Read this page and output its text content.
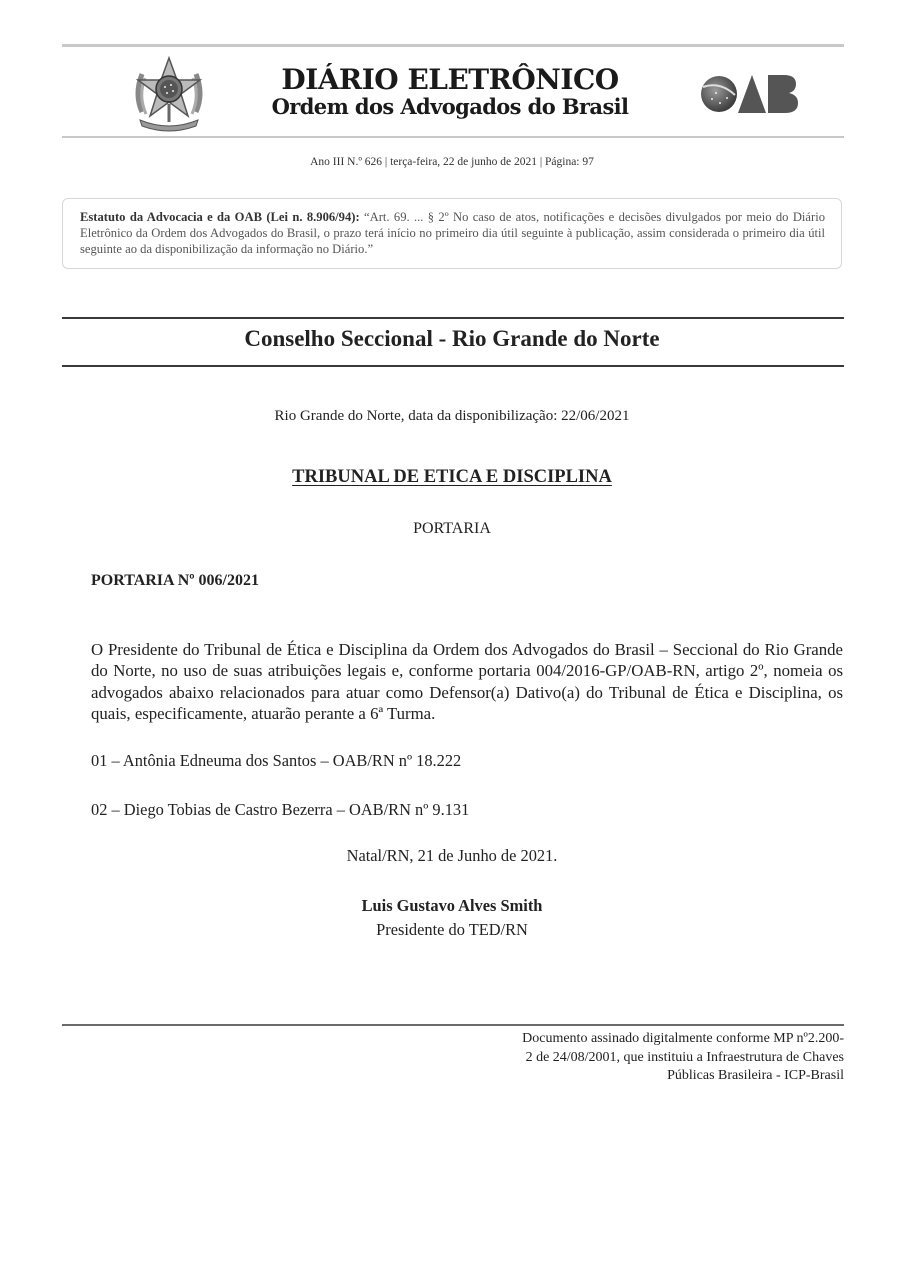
DIÁRIO ELETRÔNICO
Ordem dos Advogados do Brasil
Ano III N.º 626 | terça-feira, 22 de junho de 2021 | Página: 97
Estatuto da Advocacia e da OAB (Lei n. 8.906/94): “Art. 69. ... § 2º No caso de atos, notificações e decisões divulgados por meio do Diário Eletrônico da Ordem dos Advogados do Brasil, o prazo terá início no primeiro dia útil seguinte à publicação, assim considerada o primeiro dia útil seguinte ao da disponibilização da informação no Diário.”
Conselho Seccional - Rio Grande do Norte
Rio Grande do Norte, data da disponibilização: 22/06/2021
TRIBUNAL DE ETICA E DISCIPLINA
PORTARIA
PORTARIA Nº 006/2021
O Presidente do Tribunal de Ética e Disciplina da Ordem dos Advogados do Brasil – Seccional do Rio Grande do Norte, no uso de suas atribuições legais e, conforme portaria 004/2016-GP/OAB-RN, artigo 2º, nomeia os advogados abaixo relacionados para atuar como Defensor(a) Dativo(a) do Tribunal de Ética e Disciplina, os quais, especificamente, atuarão perante a 6ª Turma.
01 – Antônia Edneuma dos Santos – OAB/RN nº 18.222
02 – Diego Tobias de Castro Bezerra – OAB/RN nº 9.131
Natal/RN, 21 de Junho de 2021.
Luis Gustavo Alves Smith
Presidente do TED/RN
Documento assinado digitalmente conforme MP nº2.200-
2 de 24/08/2001, que instituiu a Infraestrutura de Chaves
Públicas Brasileira - ICP-Brasil
